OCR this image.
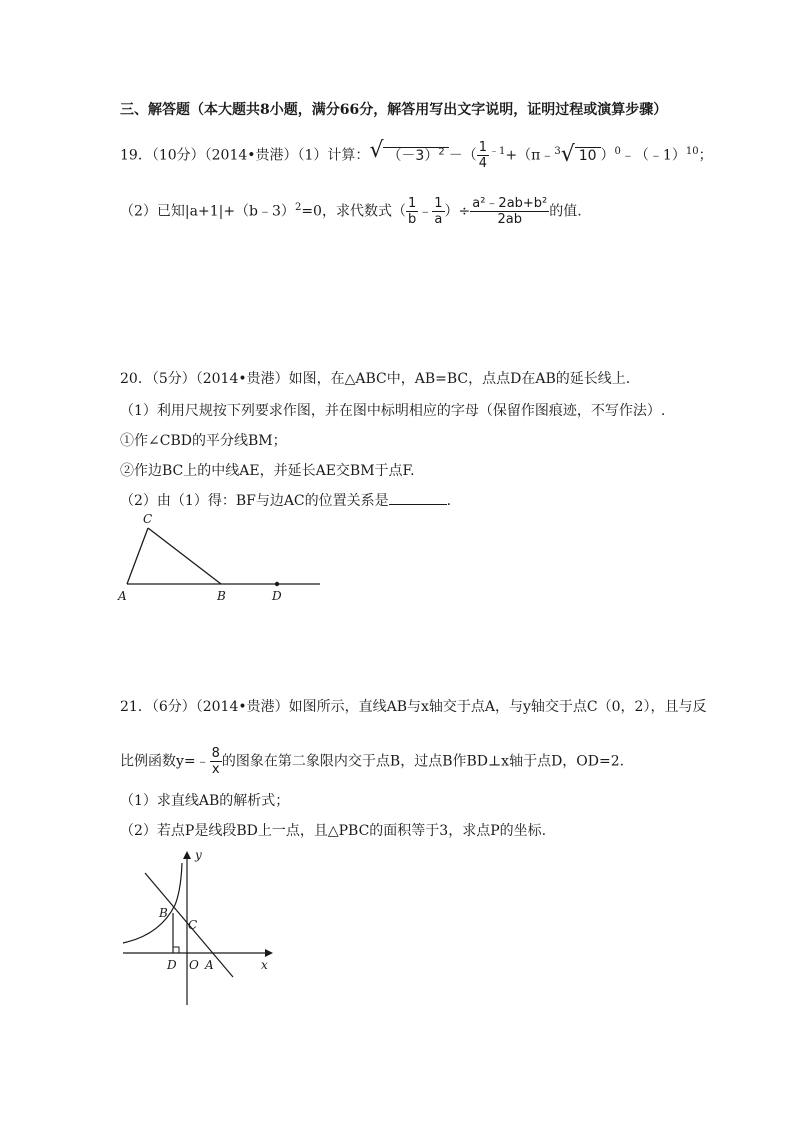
三、解答题（本大题共8小题，满分66分，解答用写出文字说明，证明过程或演算步骤）
19．（10分）（2014•贵港）（1）计算： √ $(-3)^2$ －（ $\frac{1}{4}$ $^{﹣1}$+（π﹣$^3$ √ 10 ）$^0$﹣（﹣1）$^{10}$；
（2）已知|a+1|+（b﹣3）$^2$=0，求代数式（ $\frac{1}{b}$ ﹣ $\frac{1}{a}$ ）÷ $\frac{\text{a²﹣2ab+b²}}{2ab}$ 的值.
20．（5分）（2014•贵港）如图，在△ABC中，AB=BC，点点D在AB的延长线上.
（1）利用尺规按下列要求作图，并在图中标明相应的字母（保留作图痕迹，不写作法）.
①作∠CBD的平分线BM；
②作边BC上的中线AE，并延长AE交BM于点F.
（2）由（1）得：BF与边AC的位置关系是	.
C
A	B	D
21．（6分）（2014•贵港）如图所示，直线AB与x轴交于点A，与y轴交于点C（0，2），且与反
比例函数y=﹣ $\frac{8}{x}$ 的图象在第二象限内交于点B，过点B作BD⊥x轴于点D，OD=2.
（1）求直线AB的解析式；
（2）若点P是线段BD上一点，且△PBC的面积等于3，求点P的坐标.
y
x
B
C
D O A
